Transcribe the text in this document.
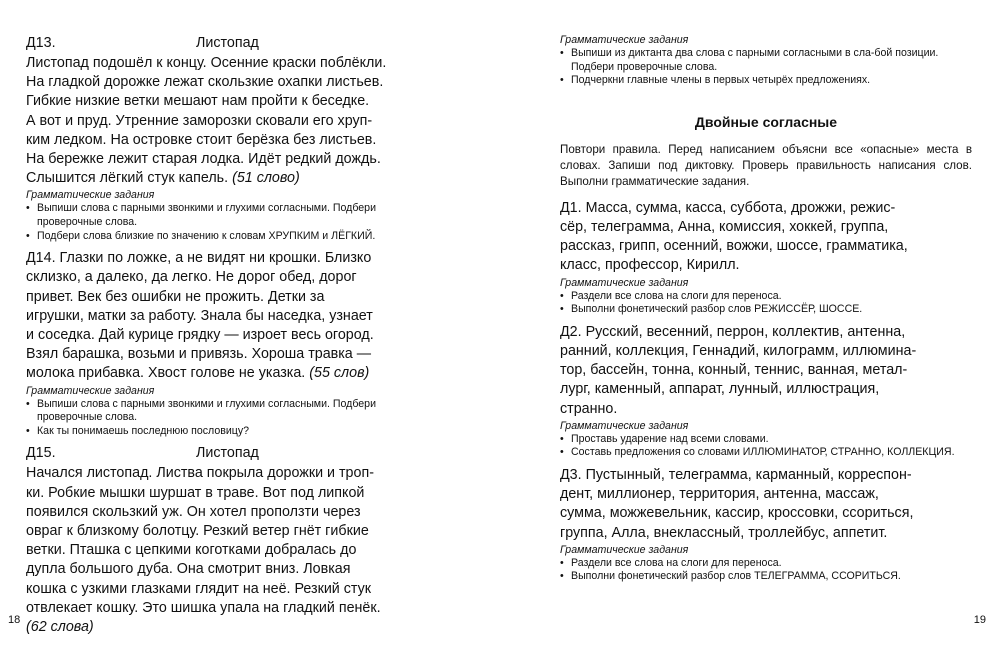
Д13.	Листопад
Листопад подошёл к концу. Осенние краски поблёкли.
На гладкой дорожке лежат скользкие охапки листьев.
Гибкие низкие ветки мешают нам пройти к беседке.
А вот и пруд. Утренние заморозки сковали его хруп-
ким ледком. На островке стоит берёзка без листьев.
На бережке лежит старая лодка. Идёт редкий дождь.
Слышится лёгкий стук капель. (51 слово)
Грамматические задания
• Выпиши слова с парными звонкими и глухими согласными. Подбери проверочные слова.
• Подбери слова близкие по значению к словам ХРУПКИМ и ЛЁГКИЙ.
Д14. Глазки по ложке, а не видят ни крошки. Близко
склизко, а далеко, да легко. Не дорог обед, дорог
привет. Век без ошибки не прожить. Детки за
игрушки, матки за работу. Знала бы наседка, узнает
и соседка. Дай курице грядку — изроет весь огород.
Взял барашка, возьми и привязь. Хороша травка —
молока прибавка. Хвост голове не указка. (55 слов)
Грамматические задания
• Выпиши слова с парными звонкими и глухими согласными. Подбери проверочные слова.
• Как ты понимаешь последнюю пословицу?
Д15.	Листопад
Начался листопад. Листва покрыла дорожки и троп-
ки. Робкие мышки шуршат в траве. Вот под липкой
появился скользкий уж. Он хотел проползти через
овраг к близкому болотцу. Резкий ветер гнёт гибкие
ветки. Пташка с цепкими коготками добралась до
дупла большого дуба. Она смотрит вниз. Ловкая
кошка с узкими глазками глядит на неё. Резкий стук
отвлекает кошку. Это шишка упала на гладкий пенёк.
(62 слова)
18
Грамматические задания
• Выпиши из диктанта два слова с парными согласными в сла-бой позиции. Подбери проверочные слова.
• Подчеркни главные члены в первых четырёх предложениях.
Двойные согласные

Повтори правила. Перед написанием объясни все «опасные» места в словах. Запиши под диктовку. Проверь правильность написания слов. Выполни грамматические задания.

Д1. Масса, сумма, касса, суббота, дрожжи, режис-
сёр, телеграмма, Анна, комиссия, хоккей, группа,
рассказ, грипп, осенний, вожжи, шоссе, грамматика,
класс, профессор, Кирилл.
Грамматические задания
• Раздели все слова на слоги для переноса.
• Выполни фонетический разбор слов РЕЖИССЁР, ШОССЕ.
Д2. Русский, весенний, перрон, коллектив, антенна,
ранний, коллекция, Геннадий, килограмм, иллюмина-
тор, бассейн, тонна, конный, теннис, ванная, метал-
лург, каменный, аппарат, лунный, иллюстрация,
странно.
Грамматические задания
• Проставь ударение над всеми словами.
• Составь предложения со словами ИЛЛЮМИНАТОР, СТРАННО, КОЛЛЕКЦИЯ.
Д3. Пустынный, телеграмма, карманный, корреспон-
дент, миллионер, территория, антенна, массаж,
сумма, можжевельник, кассир, кроссовки, ссориться,
группа, Алла, внеклассный, троллейбус, аппетит.
Грамматические задания
• Раздели все слова на слоги для переноса.
• Выполни фонетический разбор слов ТЕЛЕГРАММА, ССОРИТЬСЯ.
19
